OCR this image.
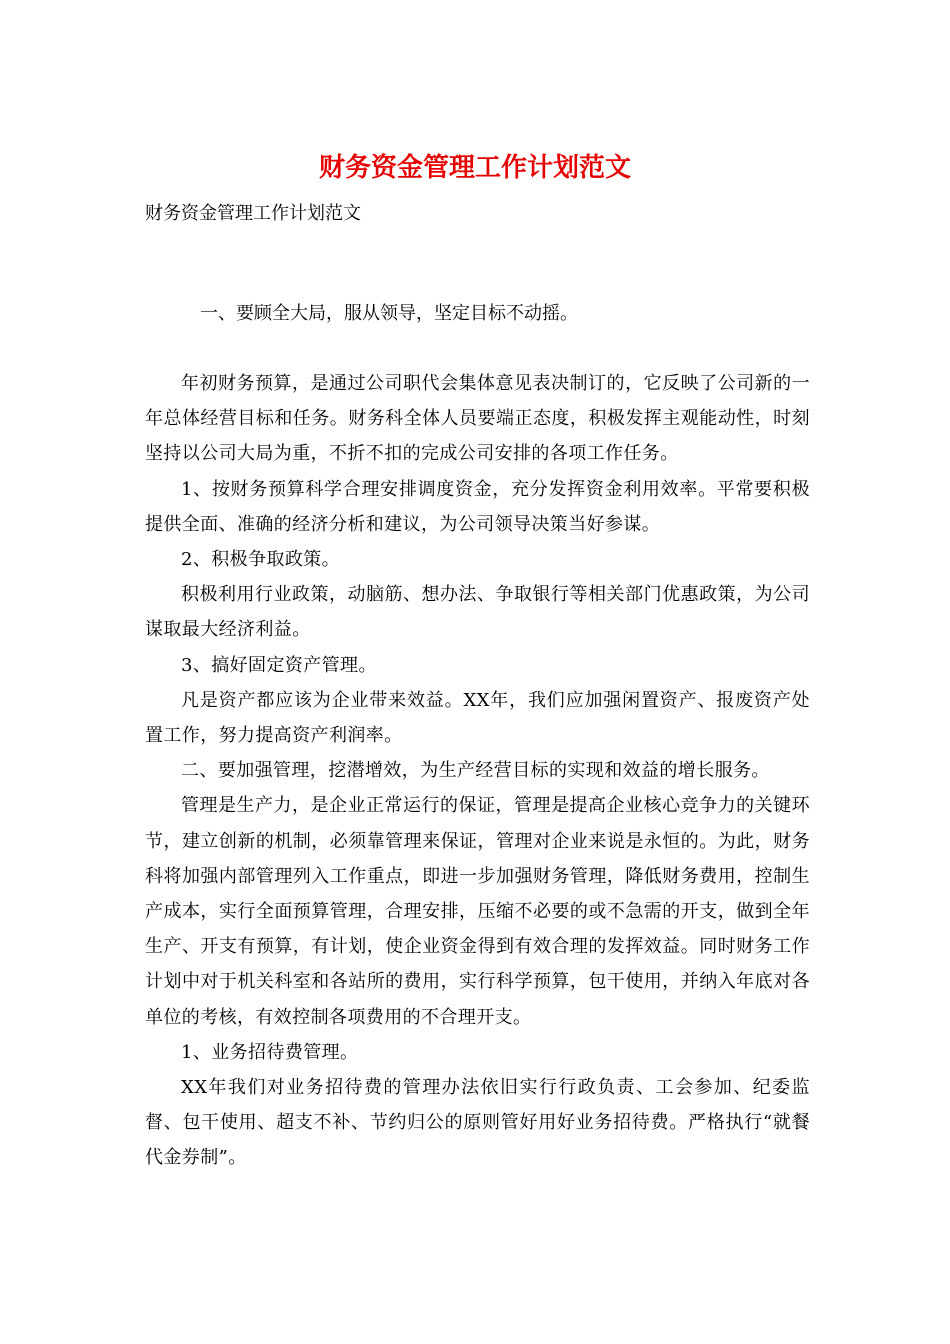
财务资金管理工作计划范文

财务资金管理工作计划范文

一、要顾全大局，服从领导，坚定目标不动摇。

年初财务预算，是通过公司职代会集体意见表决制订的，它反映了公司新的一年总体经营目标和任务。财务科全体人员要端正态度，积极发挥主观能动性，时刻坚持以公司大局为重，不折不扣的完成公司安排的各项工作任务。

1、按财务预算科学合理安排调度资金，充分发挥资金利用效率。平常要积极提供全面、准确的经济分析和建议，为公司领导决策当好参谋。

2、积极争取政策。

积极利用行业政策，动脑筋、想办法、争取银行等相关部门优惠政策，为公司谋取最大经济利益。

3、搞好固定资产管理。

凡是资产都应该为企业带来效益。XX年，我们应加强闲置资产、报废资产处置工作，努力提高资产利润率。

二、要加强管理，挖潜增效，为生产经营目标的实现和效益的增长服务。

管理是生产力，是企业正常运行的保证，管理是提高企业核心竞争力的关键环节，建立创新的机制，必须靠管理来保证，管理对企业来说是永恒的。为此，财务科将加强内部管理列入工作重点，即进一步加强财务管理，降低财务费用，控制生产成本，实行全面预算管理，合理安排，压缩不必要的或不急需的开支，做到全年生产、开支有预算，有计划，使企业资金得到有效合理的发挥效益。同时财务工作计划中对于机关科室和各站所的费用，实行科学预算，包干使用，并纳入年底对各单位的考核，有效控制各项费用的不合理开支。

1、业务招待费管理。

XX年我们对业务招待费的管理办法依旧实行行政负责、工会参加、纪委监督、包干使用、超支不补、节约归公的原则管好用好业务招待费。严格执行“就餐代金券制”。
